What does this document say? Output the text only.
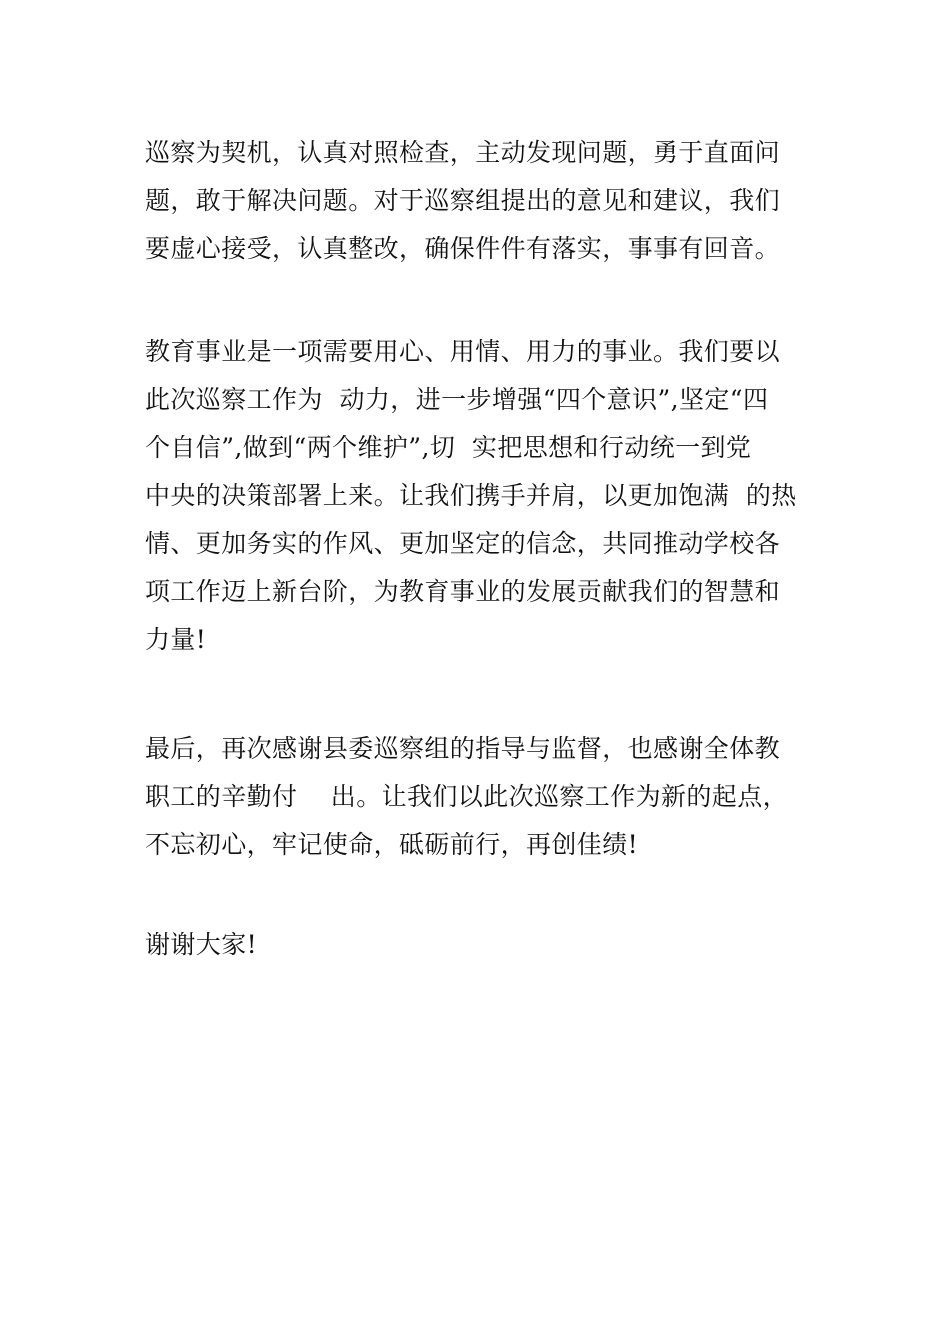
巡察为契机，认真对照检查，主动发现问题，勇于直面问
题，敢于解决问题。对于巡察组提出的意见和建议，我们
要虚心接受，认真整改，确保件件有落实，事事有回音。
教育事业是一项需要用心、用情、用力的事业。我们要以
此次巡察工作为  动力，进一步增强“四个意识”,坚定“四
个自信”,做到“两个维护”,切  实把思想和行动统一到党
中央的决策部署上来。让我们携手并肩，以更加饱满  的热
情、更加务实的作风、更加坚定的信念，共同推动学校各
项工作迈上新台阶，为教育事业的发展贡献我们的智慧和
力量!
最后，再次感谢县委巡察组的指导与监督，也感谢全体教
职工的辛勤付    出。让我们以此次巡察工作为新的起点，
不忘初心，牢记使命，砥砺前行，再创佳绩!
谢谢大家!
